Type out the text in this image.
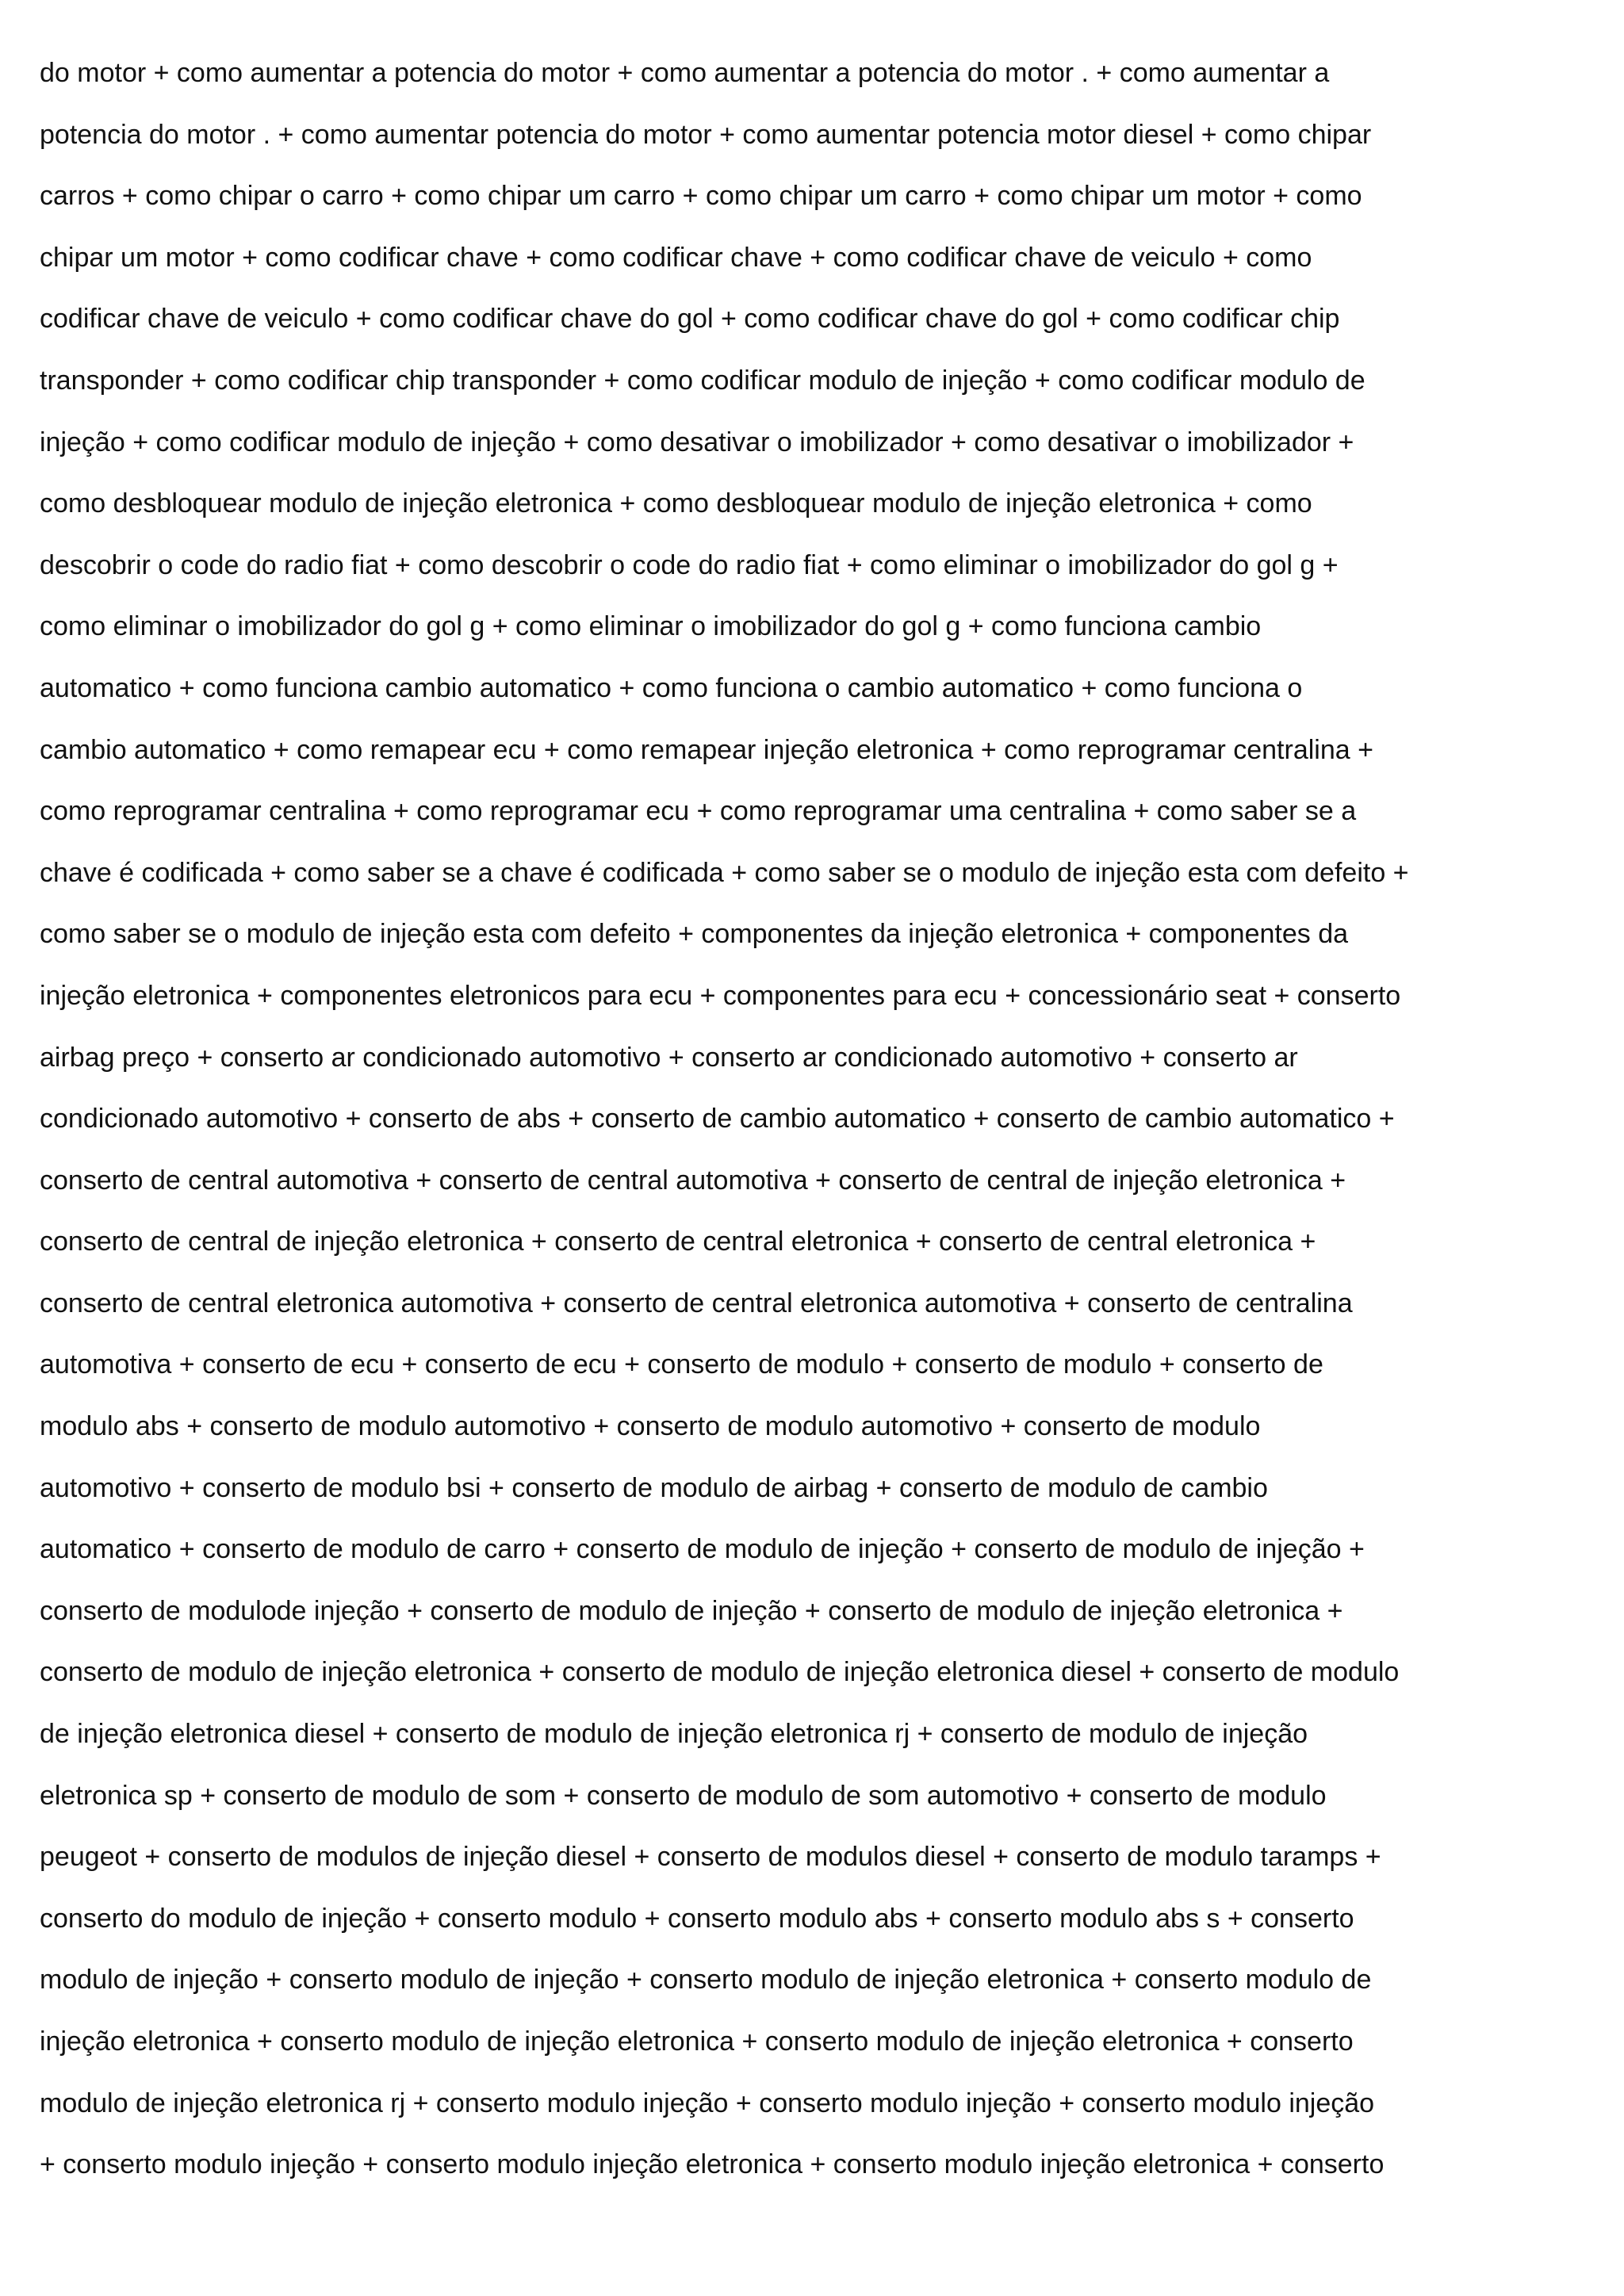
do motor + como aumentar a potencia do motor + como aumentar a potencia do motor . + como aumentar a
potencia do motor . + como aumentar potencia do motor + como aumentar potencia motor diesel + como chipar
carros + como chipar o carro + como chipar um carro + como chipar um carro + como chipar um motor + como
chipar um motor + como codificar chave + como codificar chave + como codificar chave de veiculo + como
codificar chave de veiculo + como codificar chave do gol + como codificar chave do gol + como codificar chip
transponder + como codificar chip transponder + como codificar modulo de injeção + como codificar modulo de
injeção + como codificar modulo de injeção + como desativar o imobilizador + como desativar o imobilizador +
como desbloquear modulo de injeção eletronica + como desbloquear modulo de injeção eletronica + como
descobrir o code do radio fiat + como descobrir o code do radio fiat + como eliminar o imobilizador do gol g +
como eliminar o imobilizador do gol g + como eliminar o imobilizador do gol g + como funciona cambio
automatico + como funciona cambio automatico + como funciona o cambio automatico + como funciona o
cambio automatico + como remapear ecu + como remapear injeção eletronica + como reprogramar centralina +
como reprogramar centralina + como reprogramar ecu + como reprogramar uma centralina + como saber se a
chave é codificada + como saber se a chave é codificada + como saber se o modulo de injeção esta com defeito +
como saber se o modulo de injeção esta com defeito + componentes da injeção eletronica + componentes da
injeção eletronica + componentes eletronicos para ecu + componentes para ecu + concessionário seat + conserto
airbag preço + conserto ar condicionado automotivo + conserto ar condicionado automotivo + conserto ar
condicionado automotivo + conserto de abs + conserto de cambio automatico + conserto de cambio automatico +
conserto de central automotiva + conserto de central automotiva + conserto de central de injeção eletronica +
conserto de central de injeção eletronica + conserto de central eletronica + conserto de central eletronica +
conserto de central eletronica automotiva + conserto de central eletronica automotiva + conserto de centralina
automotiva + conserto de ecu + conserto de ecu + conserto de modulo + conserto de modulo + conserto de
modulo abs + conserto de modulo automotivo + conserto de modulo automotivo + conserto de modulo
automotivo + conserto de modulo bsi + conserto de modulo de airbag + conserto de modulo de cambio
automatico + conserto de modulo de carro + conserto de modulo de injeção + conserto de modulo de injeção +
conserto de modulode injeção + conserto de modulo de injeção + conserto de modulo de injeção eletronica +
conserto de modulo de injeção eletronica + conserto de modulo de injeção eletronica diesel + conserto de modulo
de injeção eletronica diesel + conserto de modulo de injeção eletronica rj + conserto de modulo de injeção
eletronica sp + conserto de modulo de som + conserto de modulo de som automotivo + conserto de modulo
peugeot + conserto de modulos de injeção diesel + conserto de modulos diesel + conserto de modulo taramps +
conserto do modulo de injeção + conserto modulo + conserto modulo abs + conserto modulo abs s + conserto
modulo de injeção + conserto modulo de injeção + conserto modulo de injeção eletronica + conserto modulo de
injeção eletronica + conserto modulo de injeção eletronica + conserto modulo de injeção eletronica + conserto
modulo de injeção eletronica rj + conserto modulo injeção + conserto modulo injeção + conserto modulo injeção
+ conserto modulo injeção + conserto modulo injeção eletronica + conserto modulo injeção eletronica + conserto
